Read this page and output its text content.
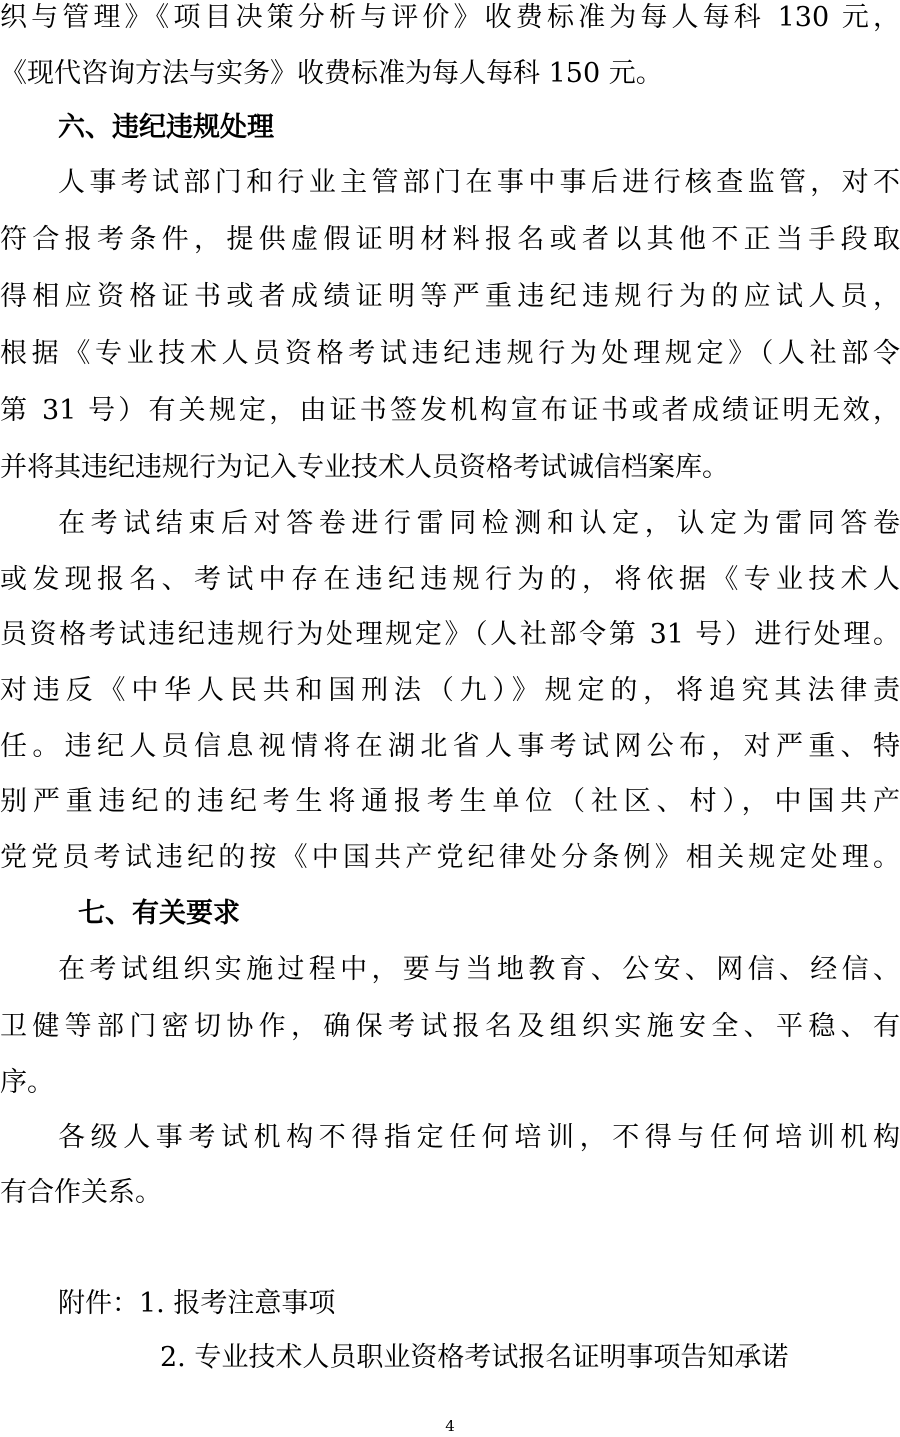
织与管理》《项目决策分析与评价》收费标准为每人每科 130 元，
《现代咨询方法与实务》收费标准为每人每科 150 元。
六、违纪违规处理
人事考试部门和行业主管部门在事中事后进行核查监管，对不
符合报考条件，提供虚假证明材料报名或者以其他不正当手段取
得相应资格证书或者成绩证明等严重违纪违规行为的应试人员，
根据《专业技术人员资格考试违纪违规行为处理规定》（人社部令
第 31 号）有关规定，由证书签发机构宣布证书或者成绩证明无效，
并将其违纪违规行为记入专业技术人员资格考试诚信档案库。
在考试结束后对答卷进行雷同检测和认定，认定为雷同答卷
或发现报名、考试中存在违纪违规行为的，将依据《专业技术人
员资格考试违纪违规行为处理规定》（人社部令第 31 号）进行处理。
对违反《中华人民共和国刑法（九）》规定的，将追究其法律责
任。违纪人员信息视情将在湖北省人事考试网公布，对严重、特
别严重违纪的违纪考生将通报考生单位（社区、村），中国共产
党党员考试违纪的按《中国共产党纪律处分条例》相关规定处理。
七、有关要求
在考试组织实施过程中，要与当地教育、公安、网信、经信、
卫健等部门密切协作，确保考试报名及组织实施安全、平稳、有
序。
各级人事考试机构不得指定任何培训，不得与任何培训机构
有合作关系。
附件：1. 报考注意事项
2. 专业技术人员职业资格考试报名证明事项告知承诺
4
